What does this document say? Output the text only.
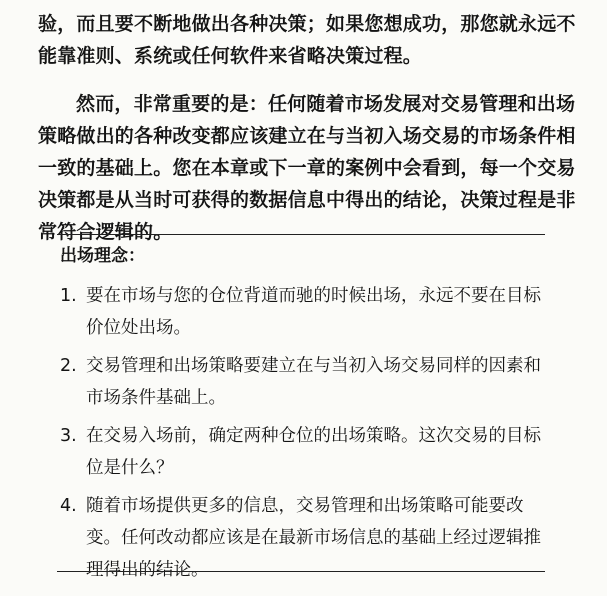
验，而且要不断地做出各种决策；如果您想成功，那您就永远不能靠准则、系统或任何软件来省略决策过程。

然而，非常重要的是：任何随着市场发展对交易管理和出场策略做出的各种改变都应该建立在与当初入场交易的市场条件相一致的基础上。您在本章或下一章的案例中会看到，每一个交易决策都是从当时可获得的数据信息中得出的结论，决策过程是非常符合逻辑的。

出场理念：
1. 要在市场与您的仓位背道而驰的时候出场，永远不要在目标价位处出场。
2. 交易管理和出场策略要建立在与当初入场交易同样的因素和市场条件基础上。
3. 在交易入场前，确定两种仓位的出场策略。这次交易的目标位是什么？
4. 随着市场提供更多的信息，交易管理和出场策略可能要改变。任何改动都应该是在最新市场信息的基础上经过逻辑推理得出的结论。
